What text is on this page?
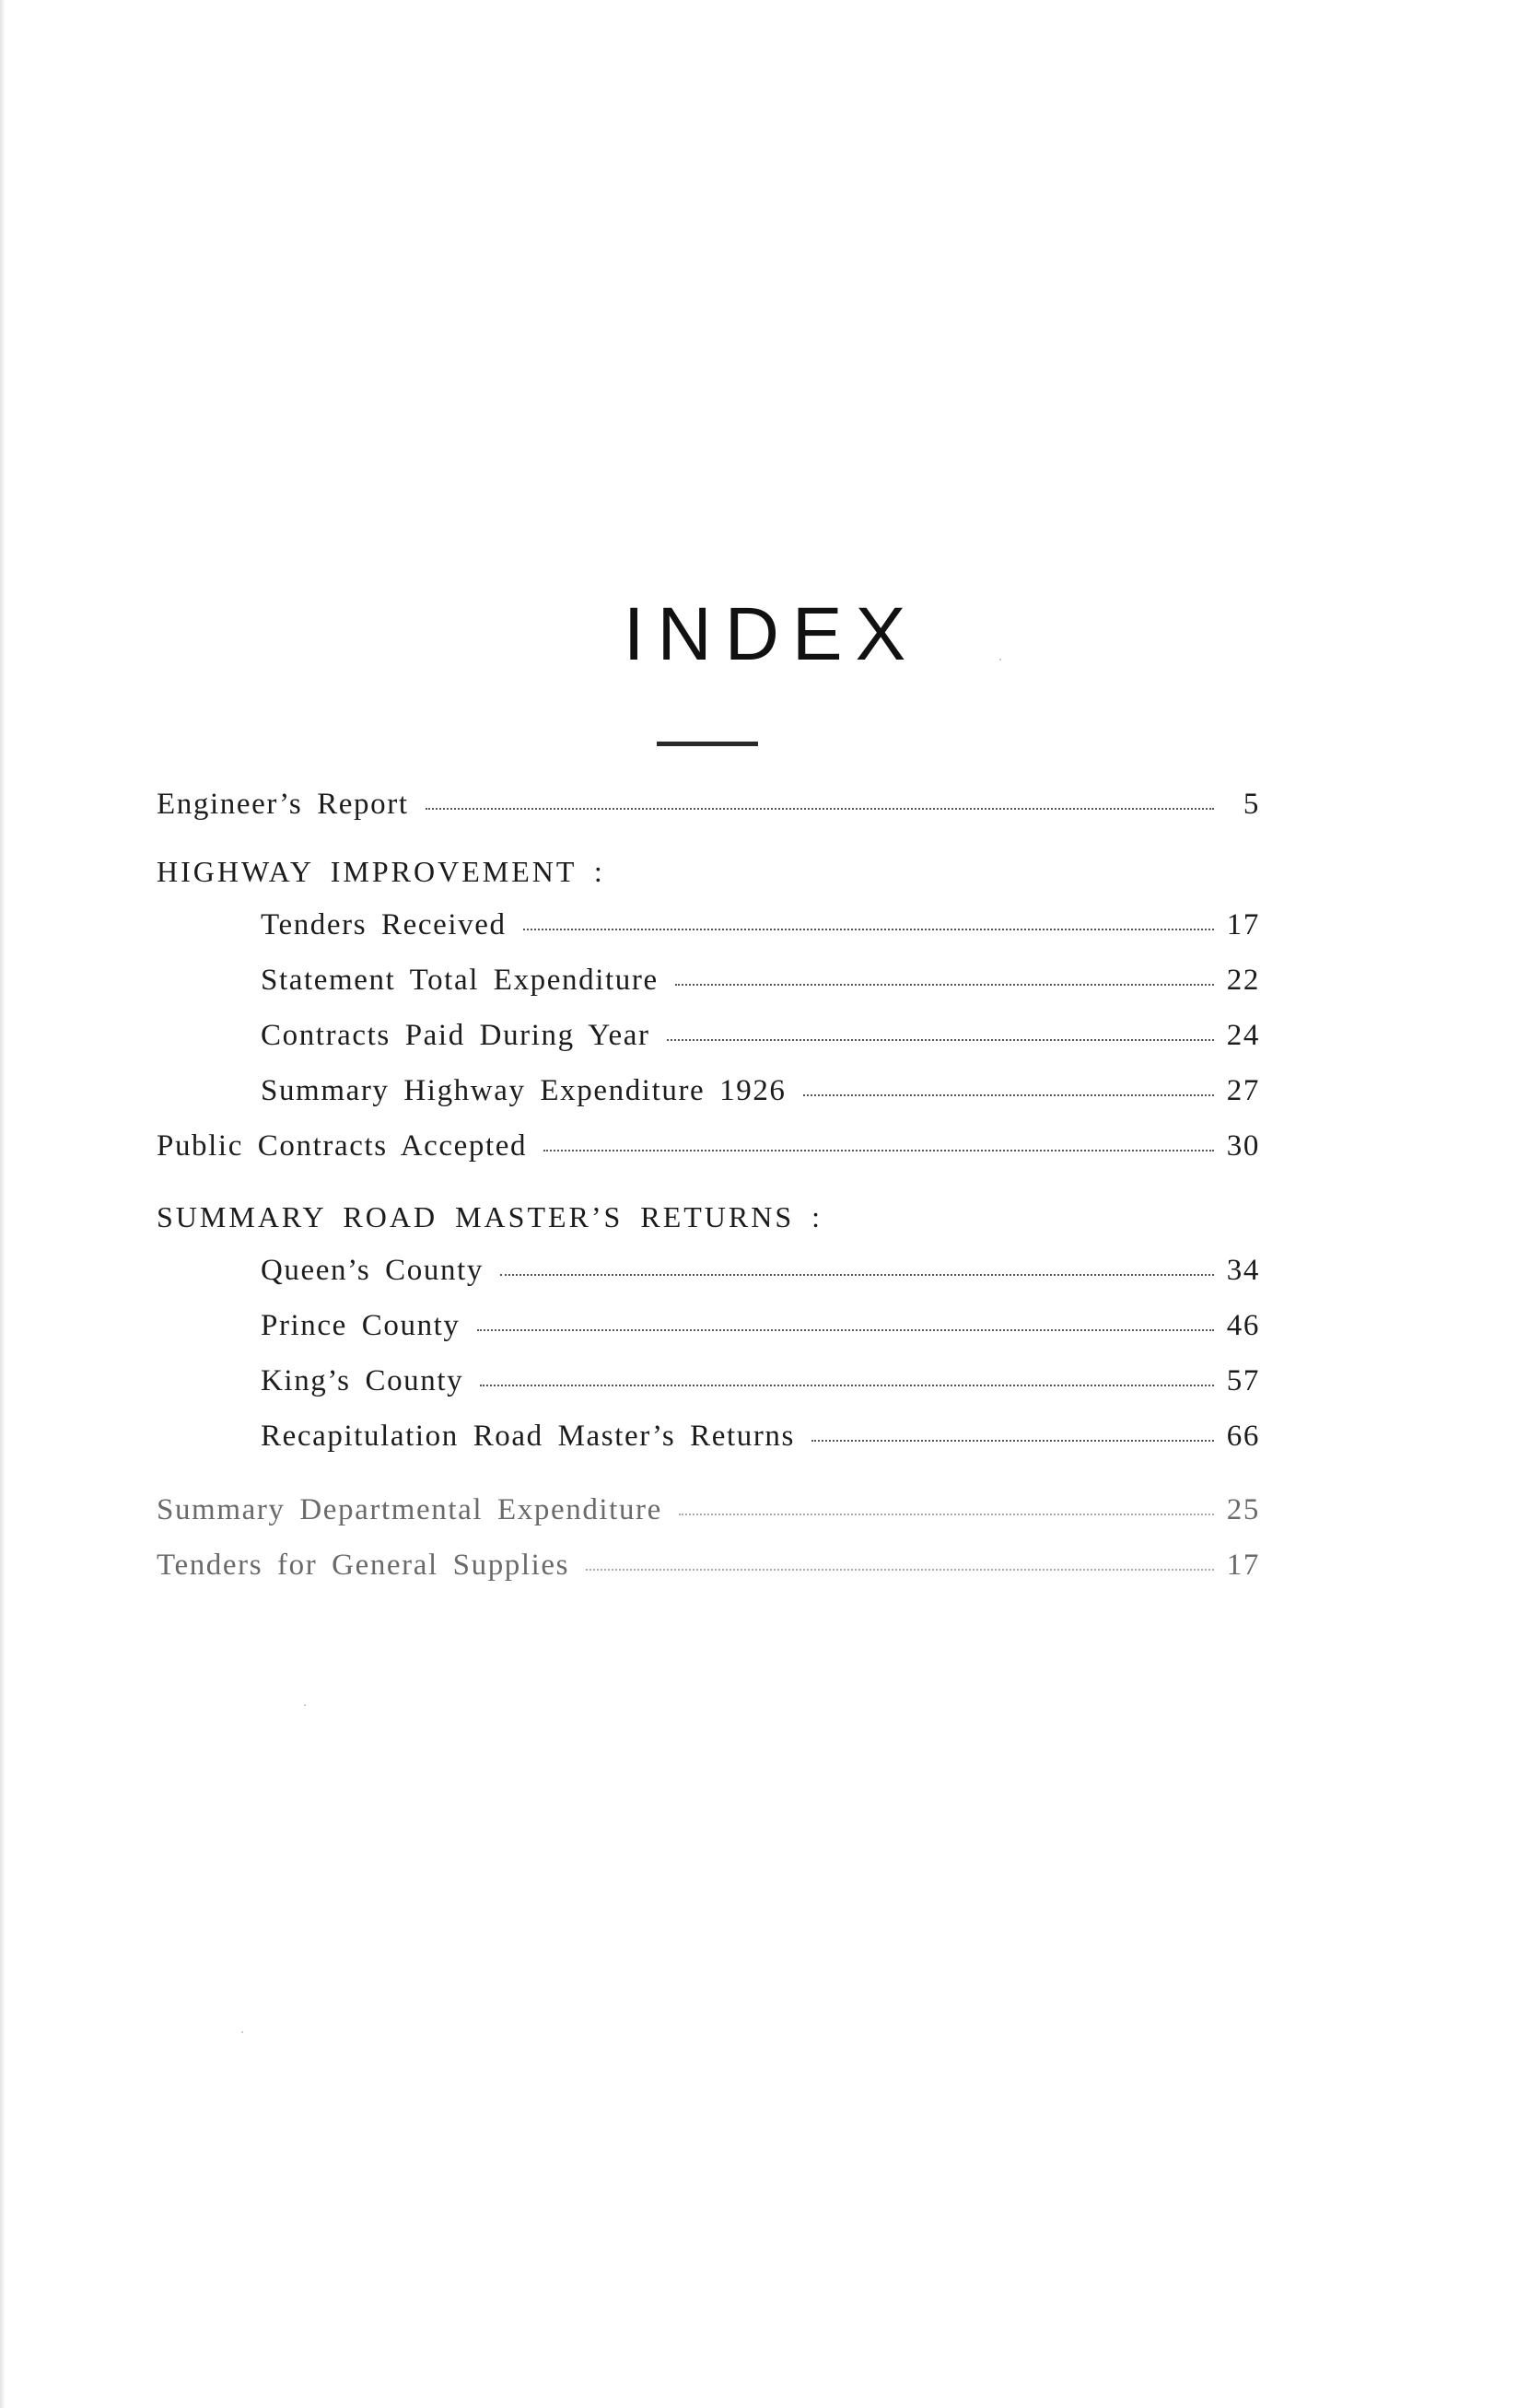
INDEX
Engineer’s Report	5
HIGHWAY IMPROVEMENT :
Tenders Received	17
Statement Total Expenditure	22
Contracts Paid During Year	24
Summary Highway Expenditure 1926	27
Public Contracts Accepted	30
SUMMARY ROAD MASTER’S RETURNS :
Queen’s County	34
Prince County	46
King’s County	57
Recapitulation Road Master’s Returns	66
Summary Departmental Expenditure	25
Tenders for General Supplies	17
